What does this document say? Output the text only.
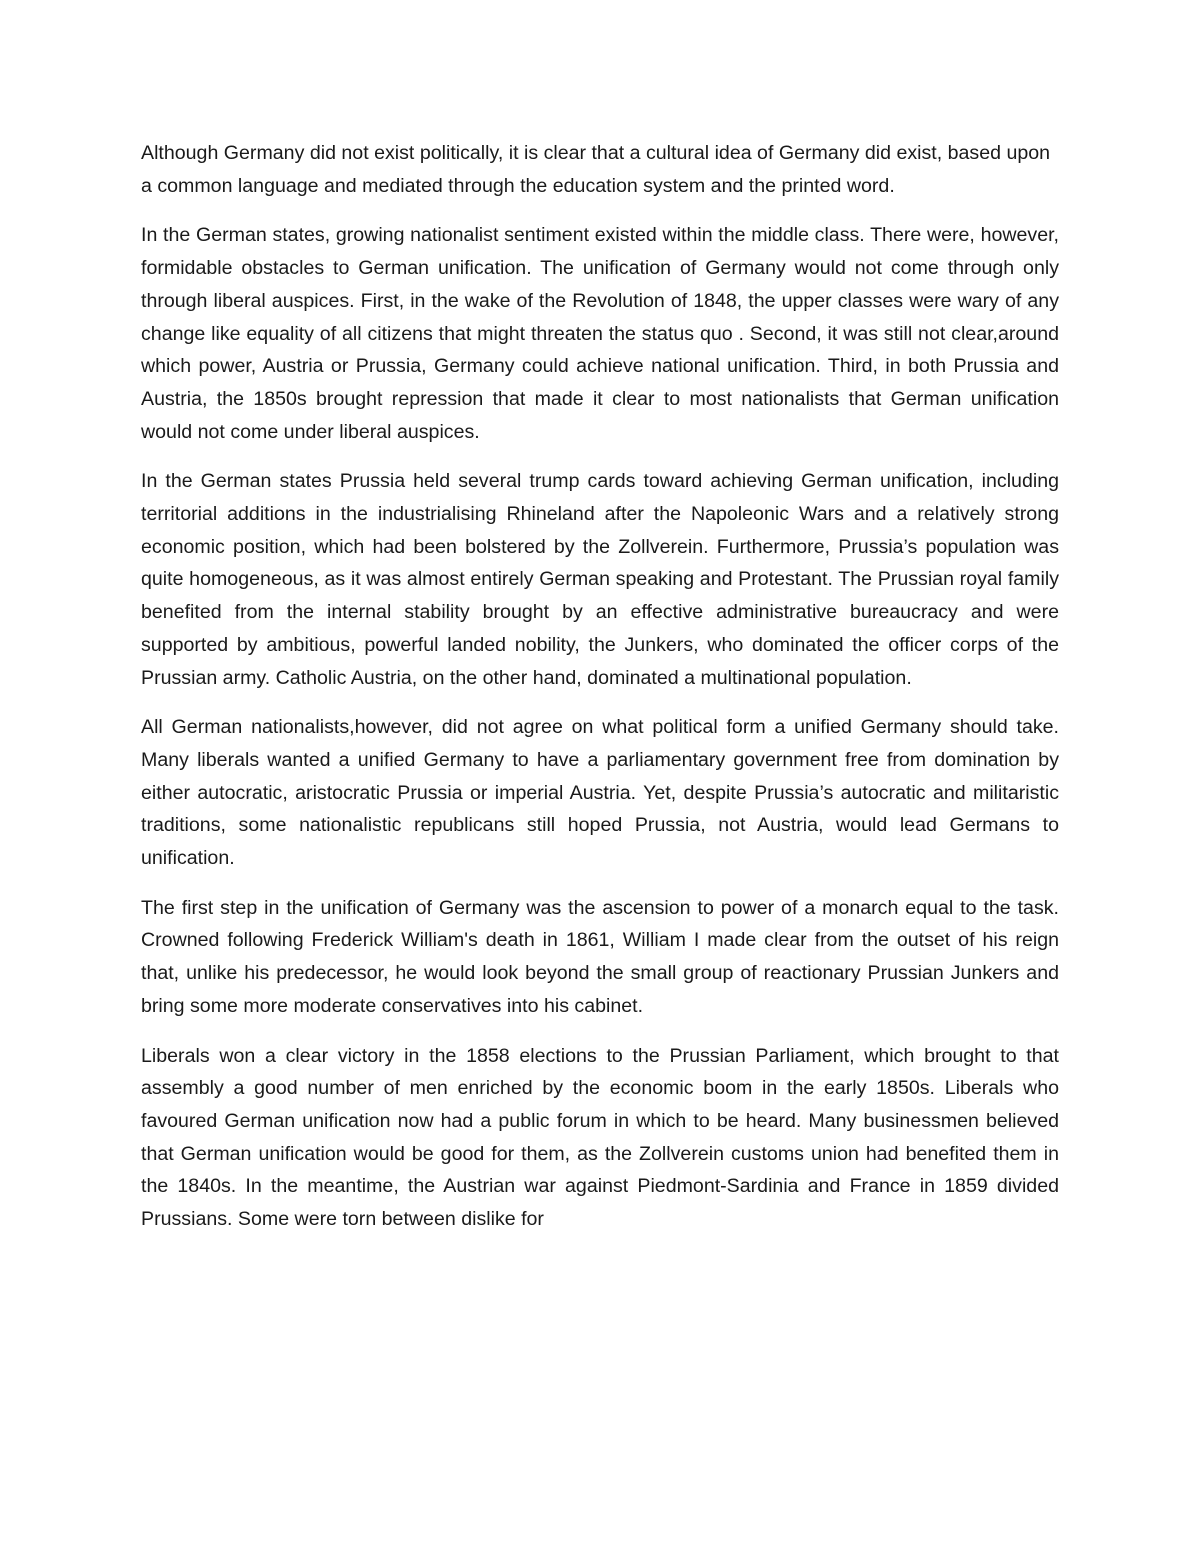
Although Germany did not exist politically, it is clear that a cultural idea of Germany did exist, based upon a common language and mediated through the education system and the printed word.

In the German states, growing nationalist sentiment existed within the middle class. There were, however, formidable obstacles to German unification. The unification of Germany would not come through only through liberal auspices. First, in the wake of the Revolution of 1848, the upper classes were wary of any change like equality of all citizens that might threaten the status quo . Second, it was still not clear,around which power, Austria or Prussia, Germany could achieve national unification. Third, in both Prussia and Austria, the 1850s brought repression that made it clear to most nationalists that German unification would not come under liberal auspices.

In the German states Prussia held several trump cards toward achieving German unification, including territorial additions in the industrialising Rhineland after the Napoleonic Wars and a relatively strong economic position, which had been bolstered by the Zollverein. Furthermore, Prussia’s population was quite homogeneous, as it was almost entirely German speaking and Protestant. The Prussian royal family benefited from the internal stability brought by an effective administrative bureaucracy and were supported by ambitious, powerful landed nobility, the Junkers, who dominated the officer corps of the Prussian army. Catholic Austria, on the other hand, dominated a multinational population.

All German nationalists,however, did not agree on what political form a unified Germany should take. Many liberals wanted a unified Germany to have a parliamentary government free from domination by either autocratic, aristocratic Prussia or imperial Austria. Yet, despite Prussia’s autocratic and militaristic traditions, some nationalistic republicans still hoped Prussia, not Austria, would lead Germans to unification.

The first step in the unification of Germany was the ascension to power of a monarch equal to the task. Crowned following Frederick William's death in 1861, William I made clear from the outset of his reign that, unlike his predecessor, he would look beyond the small group of reactionary Prussian Junkers and bring some more moderate conservatives into his cabinet.

Liberals won a clear victory in the 1858 elections to the Prussian Parliament, which brought to that assembly a good number of men enriched by the economic boom in the early 1850s. Liberals who favoured German unification now had a public forum in which to be heard. Many businessmen believed that German unification would be good for them, as the Zollverein customs union had benefited them in the 1840s. In the meantime, the Austrian war against Piedmont-Sardinia and France in 1859 divided Prussians. Some were torn between dislike for
